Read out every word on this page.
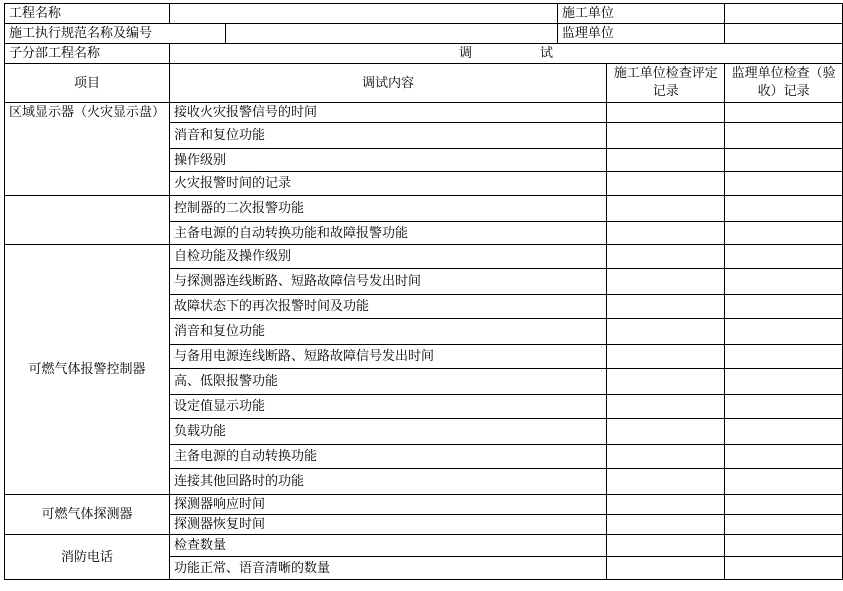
工程名称			施工单位		
施工执行规范名称及编号			监理单位		
子分部工程名称	调 试				
项目	调试内容			施工单位检查评定记录	监理单位检查（验收）记录
区域显示器（火灾显示盘）	接收火灾报警信号的时间				
	消音和复位功能				
	操作级别				
	火灾报警时间的记录				
	控制器的二次报警功能				
	主备电源的自动转换功能和故障报警功能				
可燃气体报警控制器	自检功能及操作级别				
	与探测器连线断路、短路故障信号发出时间				
	故障状态下的再次报警时间及功能				
	消音和复位功能				
	与备用电源连线断路、短路故障信号发出时间				
	高、低限报警功能				
	设定值显示功能				
	负载功能				
	主备电源的自动转换功能				
	连接其他回路时的功能				
可燃气体探测器	探测器响应时间				
	探测器恢复时间				
消防电话	检查数量				
	功能正常、语音清晰的数量				
